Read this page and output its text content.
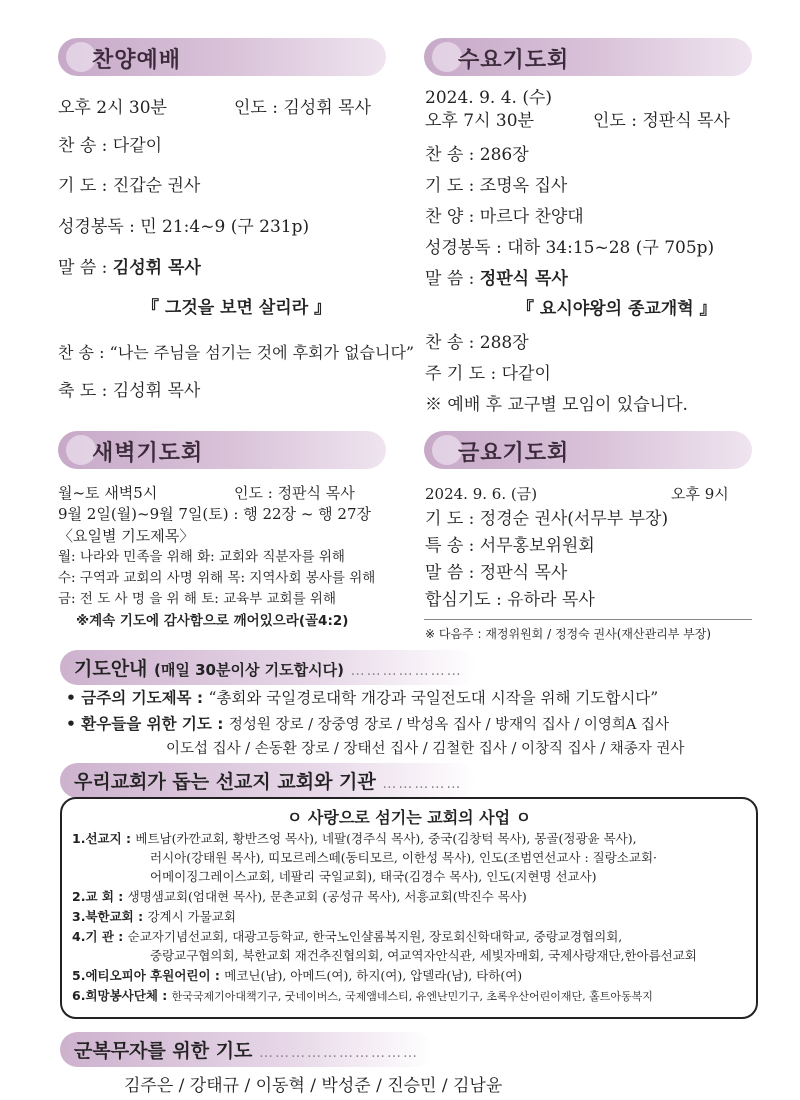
찬양예배
오후 2시 30분	인도 : 김성휘 목사
찬 송 : 다같이
기 도 : 진갑순 권사
성경봉독 : 민 21:4~9 (구 231p)
말 씀 : 김성휘 목사
『 그것을 보면 살리라 』
찬 송 : “나는 주님을 섬기는 것에 후회가 없습니다”
축 도 : 김성휘 목사
수요기도회
2024. 9. 4. (수)
오후 7시 30분	인도 : 정판식 목사
찬 송 : 286장
기 도 : 조명옥 집사
찬 양 : 마르다 찬양대
성경봉독 : 대하 34:15~28 (구 705p)
말 씀 : 정판식 목사
『 요시야왕의 종교개혁 』
찬 송 : 288장
주 기 도 : 다같이
※ 예배 후 교구별 모임이 있습니다.
새벽기도회
월~토 새벽5시	인도 : 정판식 목사
9월 2일(월)~9월 7일(토) : 행 22장 ~ 행 27장
〈요일별 기도제목〉
월: 나라와 민족을 위해 화: 교회와 직분자를 위해
수: 구역과 교회의 사명 위해 목: 지역사회 봉사를 위해
금: 전 도 사 명 을 위 해 토: 교육부 교회를 위해
※계속 기도에 감사함으로 깨어있으라(골4:2)
금요기도회
2024. 9. 6. (금)	오후 9시
기 도 : 정경순 권사(서무부 부장)
특 송 : 서무홍보위원회
말 씀 : 정판식 목사
합심기도 : 유하라 목사
※ 다음주 : 재정위원회 / 정정숙 권사(재산관리부 부장)
기도안내 (매일 30분이상 기도합시다) …………………
• 금주의 기도제목 : “총회와 국일경로대학 개강과 국일전도대 시작을 위해 기도합시다”
• 환우들을 위한 기도 : 정성원 장로 / 장중영 장로 / 박성옥 집사 / 방재익 집사 / 이영희A 집사
이도섭 집사 / 손동환 장로 / 장태선 집사 / 김철한 집사 / 이창직 집사 / 채종자 권사
우리교회가 돕는 선교지 교회와 기관 ……………
ㅇ 사랑으로 섬기는 교회의 사업 ㅇ
1.선교지 : 베트남(카깐교회, 황반즈엉 목사), 네팔(경주식 목사), 중국(김창턱 목사), 몽골(정광윤 목사),
러시아(강태원 목사), 띠모르레스떼(동티모르, 이한성 목사), 인도(조범연선교사 : 질랑소교회·
어메이징그레이스교회, 네팔리 국일교회), 태국(김경수 목사), 인도(지현명 선교사)
2.교 회 : 생명샘교회(엄대현 목사), 문촌교회 (공성규 목사), 서흥교회(박진수 목사)
3.북한교회 : 강계시 가물교회
4.기 관 : 순교자기념선교회, 대광고등학교, 한국노인샬롬복지원, 장로회신학대학교, 중랑교경협의회,
중랑교구협의회, 북한교회 재건추진협의회, 여교역자안식관, 세빛자매회, 국제사랑재단,한아름선교회
5.에티오피아 후원어린이 : 메코닌(남), 아메드(여), 하지(여), 압델라(남), 타하(여)
6.희망봉사단체 : 한국국제기아대책기구, 굿네이버스, 국제앰네스티, 유엔난민기구, 초록우산어린이재단, 홀트아동복지
군복무자를 위한 기도 …………………………
김주은 / 강태규 / 이동혁 / 박성준 / 진승민 / 김남윤
